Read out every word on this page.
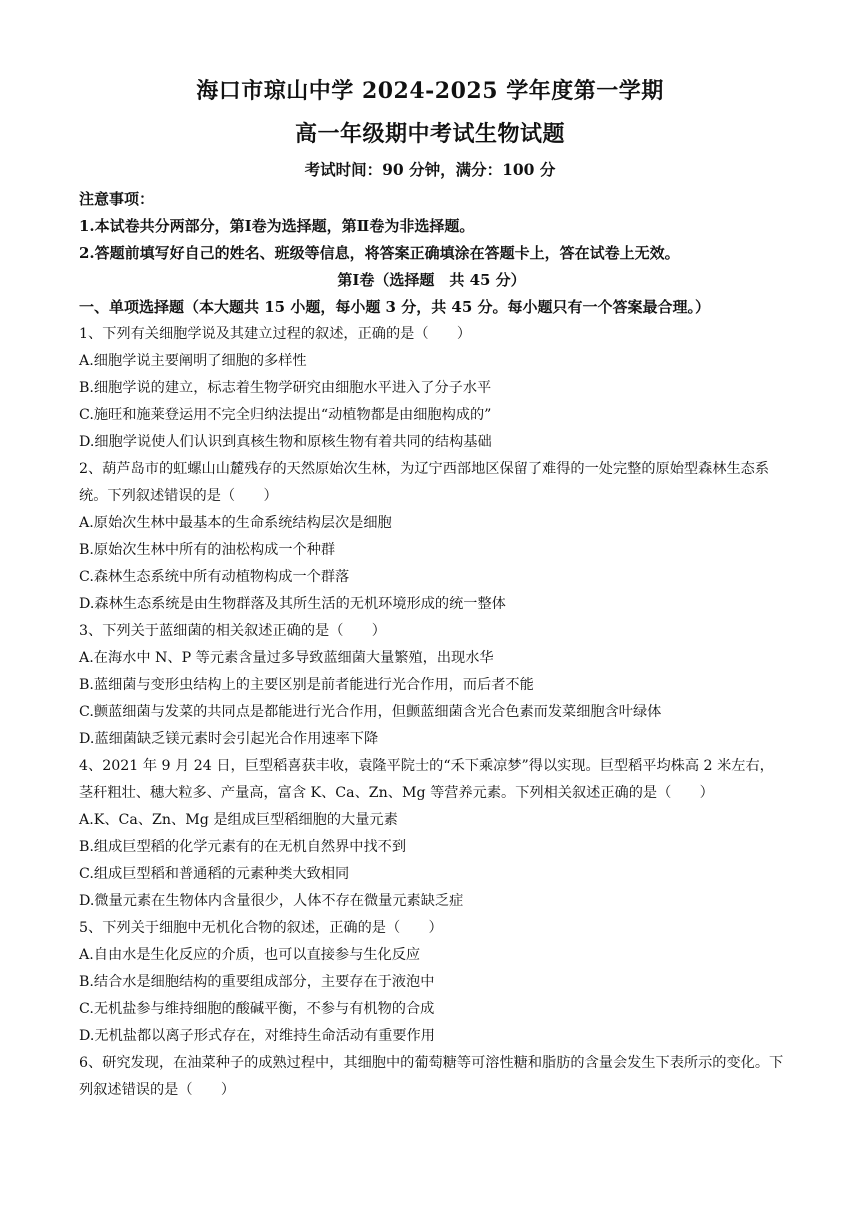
海口市琼山中学 2024-2025 学年度第一学期
高一年级期中考试生物试题
考试时间：90 分钟，满分：100 分
注意事项：
1.本试卷共分两部分，第Ⅰ卷为选择题，第Ⅱ卷为非选择题。
2.答题前填写好自己的姓名、班级等信息，将答案正确填涂在答题卡上，答在试卷上无效。
第Ⅰ卷（选择题　共 45 分）
一、单项选择题（本大题共 15 小题，每小题 3 分，共 45 分。每小题只有一个答案最合理。）
1、下列有关细胞学说及其建立过程的叙述，正确的是（　　）
A.细胞学说主要阐明了细胞的多样性
B.细胞学说的建立，标志着生物学研究由细胞水平进入了分子水平
C.施旺和施莱登运用不完全归纳法提出“动植物都是由细胞构成的”
D.细胞学说使人们认识到真核生物和原核生物有着共同的结构基础
2、葫芦岛市的虹螺山山麓残存的天然原始次生林，为辽宁西部地区保留了难得的一处完整的原始型森林生态系统。下列叙述错误的是（　　）
A.原始次生林中最基本的生命系统结构层次是细胞
B.原始次生林中所有的油松构成一个种群
C.森林生态系统中所有动植物构成一个群落
D.森林生态系统是由生物群落及其所生活的无机环境形成的统一整体
3、下列关于蓝细菌的相关叙述正确的是（　　）
A.在海水中 N、P 等元素含量过多导致蓝细菌大量繁殖，出现水华
B.蓝细菌与变形虫结构上的主要区别是前者能进行光合作用，而后者不能
C.颤蓝细菌与发菜的共同点是都能进行光合作用，但颤蓝细菌含光合色素而发菜细胞含叶绿体
D.蓝细菌缺乏镁元素时会引起光合作用速率下降
4、2021 年 9 月 24 日，巨型稻喜获丰收，袁隆平院士的“禾下乘凉梦”得以实现。巨型稻平均株高 2 米左右，茎秆粗壮、穗大粒多、产量高，富含 K、Ca、Zn、Mg 等营养元素。下列相关叙述正确的是（　　）
A.K、Ca、Zn、Mg 是组成巨型稻细胞的大量元素
B.组成巨型稻的化学元素有的在无机自然界中找不到
C.组成巨型稻和普通稻的元素种类大致相同
D.微量元素在生物体内含量很少，人体不存在微量元素缺乏症
5、下列关于细胞中无机化合物的叙述，正确的是（　　）
A.自由水是生化反应的介质，也可以直接参与生化反应
B.结合水是细胞结构的重要组成部分，主要存在于液泡中
C.无机盐参与维持细胞的酸碱平衡，不参与有机物的合成
D.无机盐都以离子形式存在，对维持生命活动有重要作用
6、研究发现，在油菜种子的成熟过程中，其细胞中的葡萄糖等可溶性糖和脂肪的含量会发生下表所示的变化。下列叙述错误的是（　　）
